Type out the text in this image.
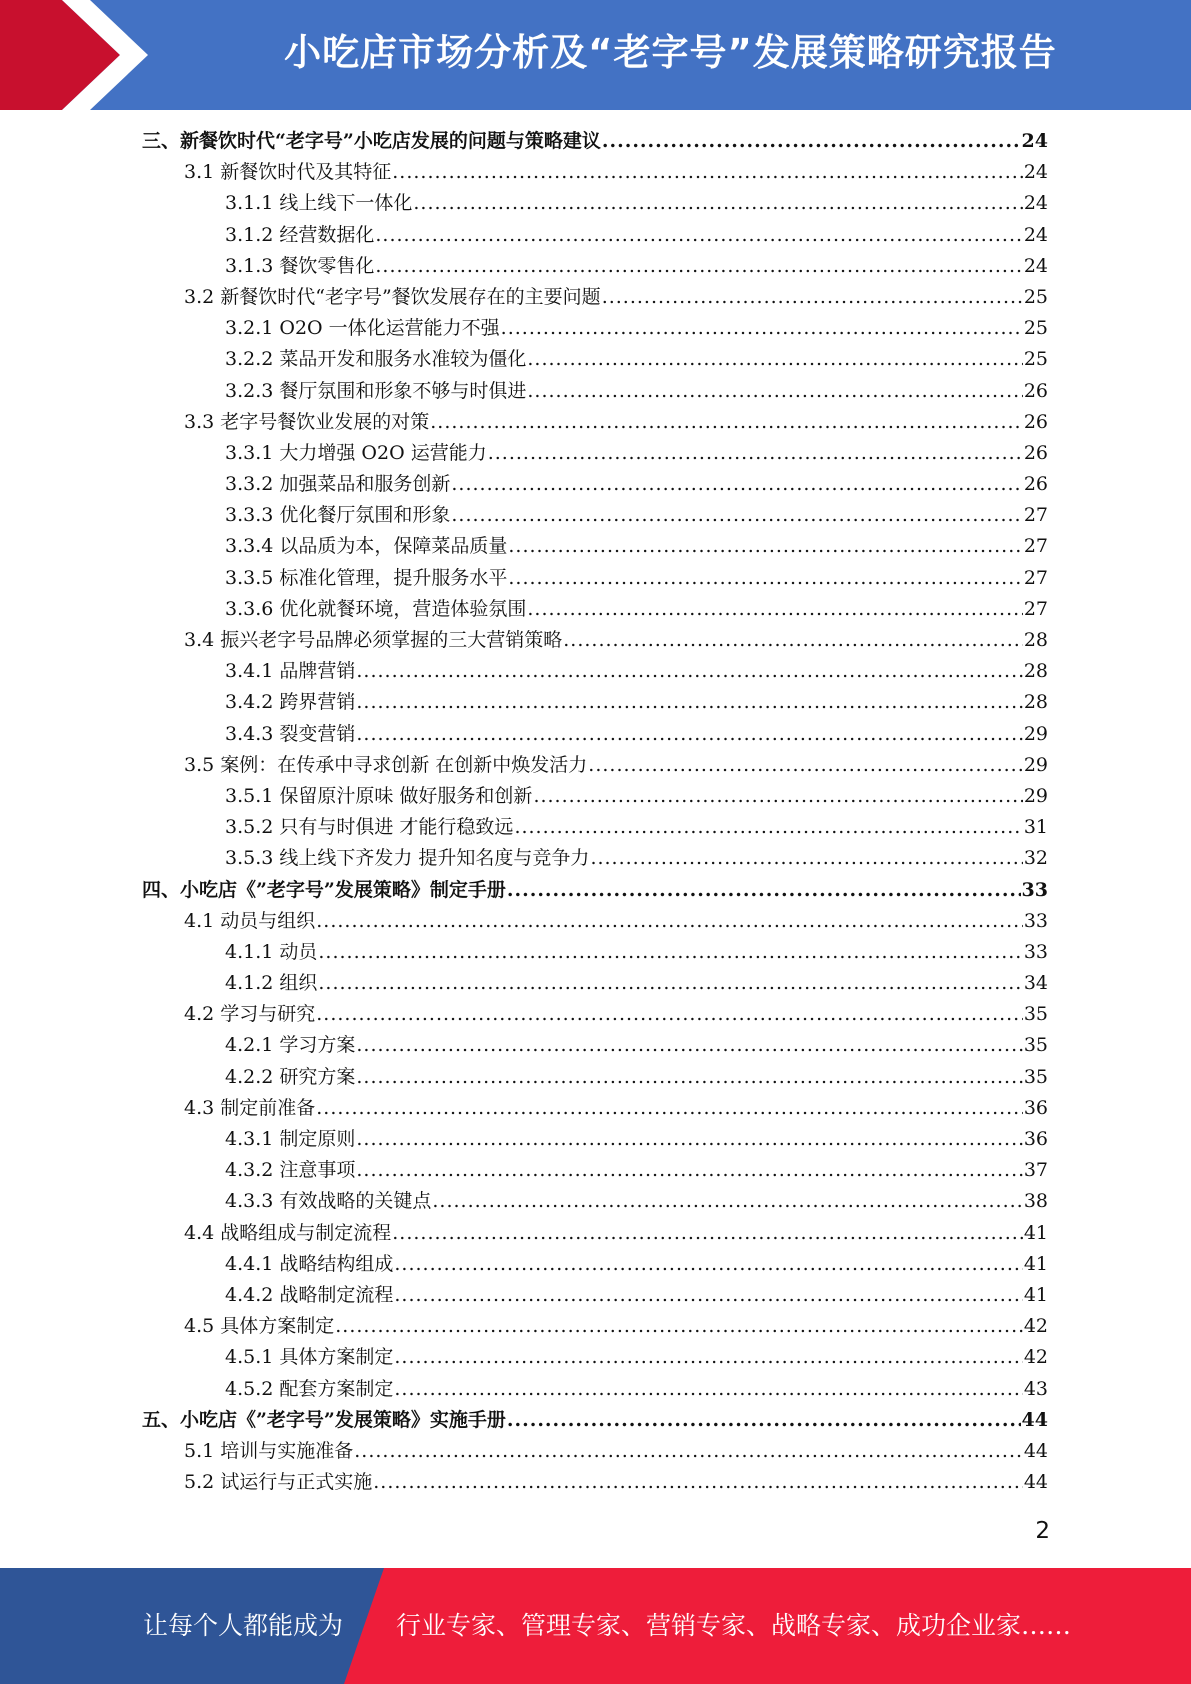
小吃店市场分析及“老字号”发展策略研究报告
三、新餐饮时代“老字号”小吃店发展的问题与策略建议 .....	24
3.1 新餐饮时代及其特征 .....	24
3.1.1 线上线下一体化 .....	24
3.1.2 经营数据化 .....	24
3.1.3 餐饮零售化 .....	24
3.2 新餐饮时代“老字号”餐饮发展存在的主要问题 .....	25
3.2.1 O2O 一体化运营能力不强 .....	25
3.2.2 菜品开发和服务水准较为僵化 .....	25
3.2.3 餐厅氛围和形象不够与时俱进 .....	26
3.3 老字号餐饮业发展的对策 .....	26
3.3.1 大力增强 O2O 运营能力 .....	26
3.3.2 加强菜品和服务创新 .....	26
3.3.3 优化餐厅氛围和形象 .....	27
3.3.4 以品质为本，保障菜品质量 .....	27
3.3.5 标准化管理，提升服务水平 .....	27
3.3.6 优化就餐环境，营造体验氛围 .....	27
3.4 振兴老字号品牌必须掌握的三大营销策略 .....	28
3.4.1 品牌营销 .....	28
3.4.2 跨界营销 .....	28
3.4.3 裂变营销 .....	29
3.5 案例：在传承中寻求创新 在创新中焕发活力 .....	29
3.5.1 保留原汁原味 做好服务和创新 .....	29
3.5.2 只有与时俱进 才能行稳致远 .....	31
3.5.3 线上线下齐发力 提升知名度与竞争力 .....	32
四、小吃店《”老字号”发展策略》制定手册 .....	33
4.1 动员与组织 .....	33
4.1.1 动员 .....	33
4.1.2 组织 .....	34
4.2 学习与研究 .....	35
4.2.1 学习方案 .....	35
4.2.2 研究方案 .....	35
4.3 制定前准备 .....	36
4.3.1 制定原则 .....	36
4.3.2 注意事项 .....	37
4.3.3 有效战略的关键点 .....	38
4.4 战略组成与制定流程 .....	41
4.4.1 战略结构组成 .....	41
4.4.2 战略制定流程 .....	41
4.5 具体方案制定 .....	42
4.5.1 具体方案制定 .....	42
4.5.2 配套方案制定 .....	43
五、小吃店《”老字号”发展策略》实施手册 .....	44
5.1 培训与实施准备 .....	44
5.2 试运行与正式实施 .....	44
2
让每个人都能成为 行业专家、管理专家、营销专家、战略专家、成功企业家……
